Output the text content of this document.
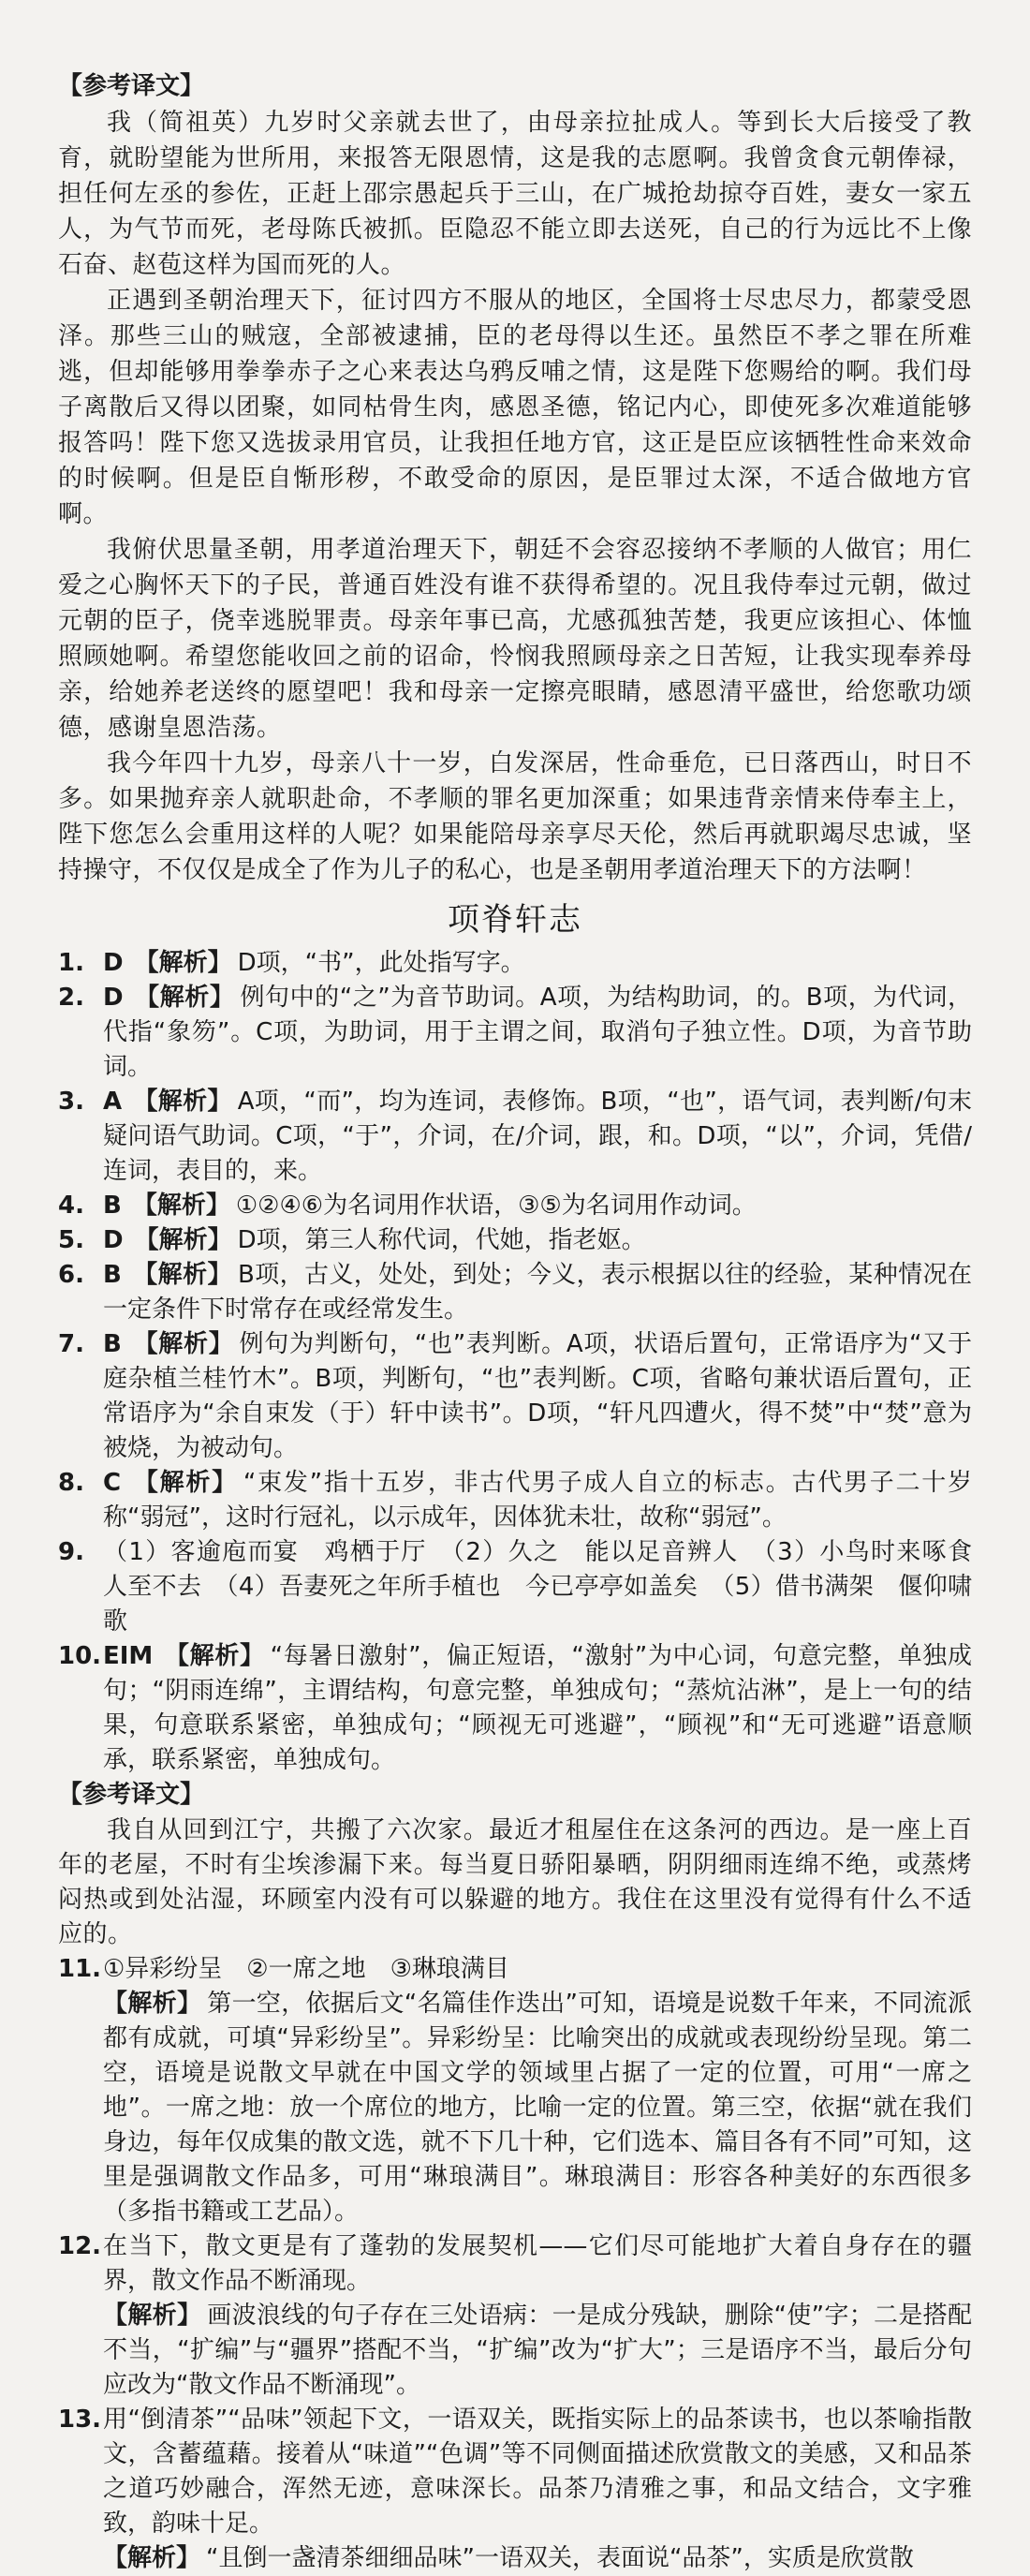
【参考译文】

我（简祖英）九岁时父亲就去世了，由母亲拉扯成人。等到长大后接受了教育，就盼望能为世所用，来报答无限恩情，这是我的志愿啊。我曾贪食元朝俸禄，担任何左丞的参佐，正赶上邵宗愚起兵于三山，在广城抢劫掠夺百姓，妻女一家五人，为气节而死，老母陈氏被抓。臣隐忍不能立即去送死，自己的行为远比不上像石奋、赵苞这样为国而死的人。

正遇到圣朝治理天下，征讨四方不服从的地区，全国将士尽忠尽力，都蒙受恩泽。那些三山的贼寇，全部被逮捕，臣的老母得以生还。虽然臣不孝之罪在所难逃，但却能够用拳拳赤子之心来表达乌鸦反哺之情，这是陛下您赐给的啊。我们母子离散后又得以团聚，如同枯骨生肉，感恩圣德，铭记内心，即使死多次难道能够报答吗！陛下您又选拔录用官员，让我担任地方官，这正是臣应该牺牲性命来效命的时候啊。但是臣自惭形秽，不敢受命的原因，是臣罪过太深，不适合做地方官啊。

我俯伏思量圣朝，用孝道治理天下，朝廷不会容忍接纳不孝顺的人做官；用仁爱之心胸怀天下的子民，普通百姓没有谁不获得希望的。况且我侍奉过元朝，做过元朝的臣子，侥幸逃脱罪责。母亲年事已高，尤感孤独苦楚，我更应该担心、体恤照顾她啊。希望您能收回之前的诏命，怜悯我照顾母亲之日苦短，让我实现奉养母亲，给她养老送终的愿望吧！我和母亲一定擦亮眼睛，感恩清平盛世，给您歌功颂德，感谢皇恩浩荡。

我今年四十九岁，母亲八十一岁，白发深居，性命垂危，已日落西山，时日不多。如果抛弃亲人就职赴命，不孝顺的罪名更加深重；如果违背亲情来侍奉主上，陛下您怎么会重用这样的人呢？如果能陪母亲享尽天伦，然后再就职竭尽忠诚，坚持操守，不仅仅是成全了作为儿子的私心，也是圣朝用孝道治理天下的方法啊！

项脊轩志
1. D 【解析】 D项，“书”，此处指写字。
2. D 【解析】 例句中的“之”为音节助词。A项，为结构助词，的。B项，为代词，代指“象笏”。C项，为助词，用于主谓之间，取消句子独立性。D项，为音节助词。
3. A 【解析】 A项，“而”，均为连词，表修饰。B项，“也”，语气词，表判断/句末疑问语气助词。C项，“于”，介词，在/介词，跟，和。D项，“以”，介词，凭借/连词，表目的，来。
4. B 【解析】 ①②④⑥为名词用作状语，③⑤为名词用作动词。
5. D 【解析】 D项，第三人称代词，代她，指老妪。
6. B 【解析】 B项，古义，处处，到处；今义，表示根据以往的经验，某种情况在一定条件下时常存在或经常发生。
7. B 【解析】 例句为判断句，“也”表判断。A项，状语后置句，正常语序为“又于庭杂植兰桂竹木”。B项，判断句，“也”表判断。C项，省略句兼状语后置句，正常语序为“余自束发（于）轩中读书”。D项，“轩凡四遭火，得不焚”中“焚”意为被烧，为被动句。
8. C 【解析】 “束发”指十五岁，非古代男子成人自立的标志。古代男子二十岁称“弱冠”，这时行冠礼，以示成年，因体犹未壮，故称“弱冠”。
9. （1）客逾庖而宴　鸡栖于厅　（2）久之　能以足音辨人　（3）小鸟时来啄食　人至不去　（4）吾妻死之年所手植也　今已亭亭如盖矣　（5）借书满架　偃仰啸歌
10. EIM 【解析】 “每暑日激射”，偏正短语，“激射”为中心词，句意完整，单独成句；“阴雨连绵”，主谓结构，句意完整，单独成句；“蒸炕沾淋”，是上一句的结果，句意联系紧密，单独成句；“顾视无可逃避”，“顾视”和“无可逃避”语意顺承，联系紧密，单独成句。
【参考译文】

我自从回到江宁，共搬了六次家。最近才租屋住在这条河的西边。是一座上百年的老屋，不时有尘埃渗漏下来。每当夏日骄阳暴晒，阴阴细雨连绵不绝，或蒸烤闷热或到处沾湿，环顾室内没有可以躲避的地方。我住在这里没有觉得有什么不适应的。

11. ①异彩纷呈　②一席之地　③琳琅满目
【解析】 第一空，依据后文“名篇佳作迭出”可知，语境是说数千年来，不同流派都有成就，可填“异彩纷呈”。异彩纷呈：比喻突出的成就或表现纷纷呈现。第二空，语境是说散文早就在中国文学的领域里占据了一定的位置，可用“一席之地”。一席之地：放一个席位的地方，比喻一定的位置。第三空，依据“就在我们身边，每年仅成集的散文选，就不下几十种，它们选本、篇目各有不同”可知，这里是强调散文作品多，可用“琳琅满目”。琳琅满目：形容各种美好的东西很多（多指书籍或工艺品）。
12. 在当下，散文更是有了蓬勃的发展契机——它们尽可能地扩大着自身存在的疆界，散文作品不断涌现。
【解析】 画波浪线的句子存在三处语病：一是成分残缺，删除“使”字；二是搭配不当，“扩编”与“疆界”搭配不当，“扩编”改为“扩大”；三是语序不当，最后分句应改为“散文作品不断涌现”。
13. 用“倒清茶”“品味”领起下文，一语双关，既指实际上的品茶读书，也以茶喻指散文，含蓄蕴藉。接着从“味道”“色调”等不同侧面描述欣赏散文的美感，又和品茶之道巧妙融合，浑然无迹，意味深长。品茶乃清雅之事，和品文结合，文字雅致，韵味十足。
【解析】 “且倒一盏清茶细细品味”一语双关，表面说“品茶”，实质是欣赏散
